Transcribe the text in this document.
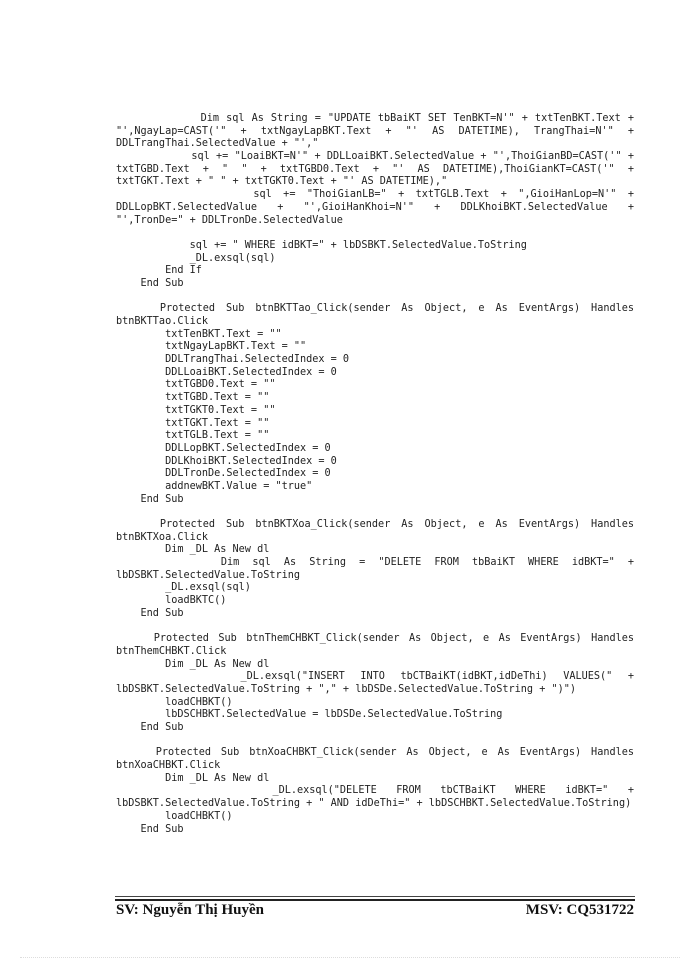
Dim sql As String = "UPDATE tbBaiKT SET TenBKT=N'" + txtTenBKT.Text +
"',NgayLap=CAST('" + txtNgayLapBKT.Text + "' AS DATETIME), TrangThai=N'" +
DDLTrangThai.SelectedValue + "',"
sql += "LoaiBKT=N'" + DDLLoaiBKT.SelectedValue + "',ThoiGianBD=CAST('" +
txtTGBD.Text + " " + txtTGBD0.Text + "' AS DATETIME),ThoiGianKT=CAST('" +
txtTGKT.Text + " " + txtTGKT0.Text + "' AS DATETIME),"
sql += "ThoiGianLB=" + txtTGLB.Text + ",GioiHanLop=N'" +
DDLLopBKT.SelectedValue + "',GioiHanKhoi=N'" + DDLKhoiBKT.SelectedValue +
"',TronDe=" + DDLTronDe.SelectedValue
sql += " WHERE idBKT=" + lbDSBKT.SelectedValue.ToString
_DL.exsql(sql)
End If
End Sub
Protected Sub btnBKTTao_Click(sender As Object, e As EventArgs) Handles
btnBKTTao.Click
txtTenBKT.Text = ""
txtNgayLapBKT.Text = ""
DDLTrangThai.SelectedIndex = 0
DDLLoaiBKT.SelectedIndex = 0
txtTGBD0.Text = ""
txtTGBD.Text = ""
txtTGKT0.Text = ""
txtTGKT.Text = ""
txtTGLB.Text = ""
DDLLopBKT.SelectedIndex = 0
DDLKhoiBKT.SelectedIndex = 0
DDLTronDe.SelectedIndex = 0
addnewBKT.Value = "true"
End Sub
Protected Sub btnBKTXoa_Click(sender As Object, e As EventArgs) Handles
btnBKTXoa.Click
Dim _DL As New dl
Dim sql As String = "DELETE FROM tbBaiKT WHERE idBKT=" +
lbDSBKT.SelectedValue.ToString
_DL.exsql(sql)
loadBKTC()
End Sub
Protected Sub btnThemCHBKT_Click(sender As Object, e As EventArgs) Handles
btnThemCHBKT.Click
Dim _DL As New dl
_DL.exsql("INSERT INTO tbCTBaiKT(idBKT,idDeThi) VALUES(" +
lbDSBKT.SelectedValue.ToString + "," + lbDSDe.SelectedValue.ToString + ")")
loadCHBKT()
lbDSCHBKT.SelectedValue = lbDSDe.SelectedValue.ToString
End Sub
Protected Sub btnXoaCHBKT_Click(sender As Object, e As EventArgs) Handles
btnXoaCHBKT.Click
Dim _DL As New dl
_DL.exsql("DELETE FROM tbCTBaiKT WHERE idBKT=" +
lbDSBKT.SelectedValue.ToString + " AND idDeThi=" + lbDSCHBKT.SelectedValue.ToString)
loadCHBKT()
End Sub
SV: Nguyễn Thị Huyền	MSV: CQ531722
